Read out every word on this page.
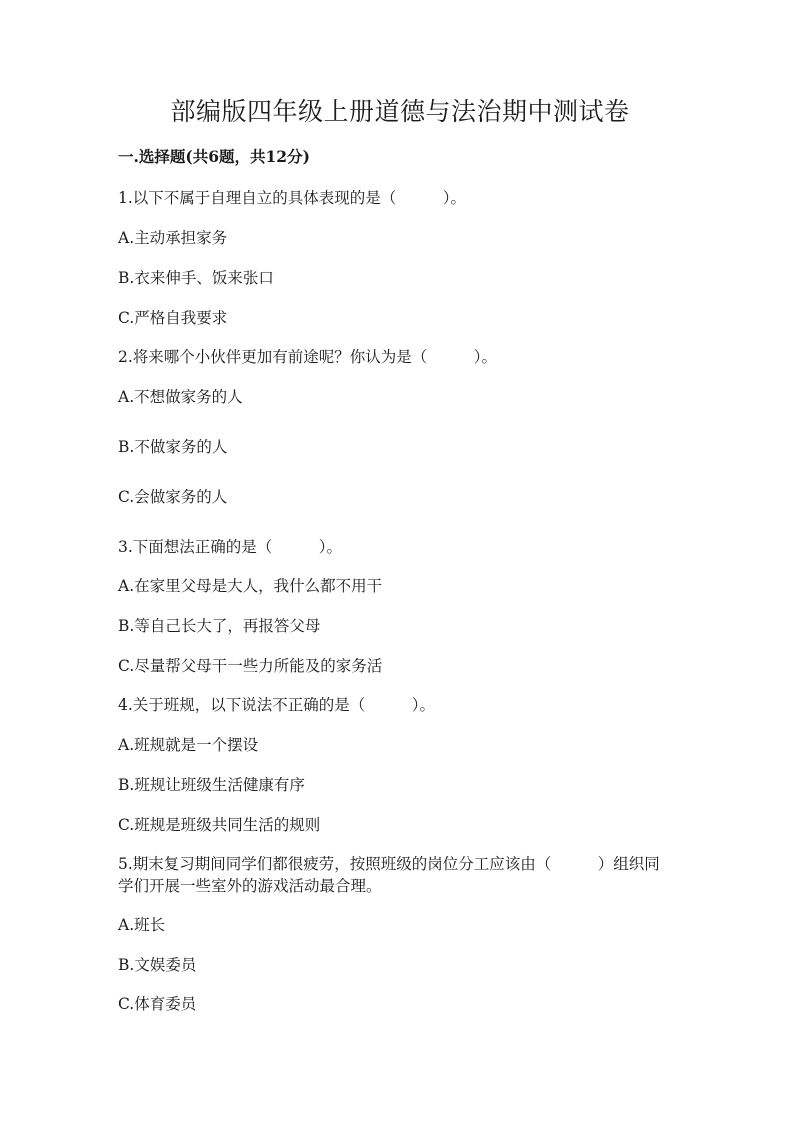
部编版四年级上册道德与法治期中测试卷

一.选择题(共6题，共12分)

1.以下不属于自理自立的具体表现的是（　　　）。

A.主动承担家务

B.衣来伸手、饭来张口

C.严格自我要求

2.将来哪个小伙伴更加有前途呢？你认为是（　　　）。

A.不想做家务的人

B.不做家务的人

C.会做家务的人

3.下面想法正确的是（　　　）。

A.在家里父母是大人，我什么都不用干

B.等自己长大了，再报答父母

C.尽量帮父母干一些力所能及的家务活

4.关于班规，以下说法不正确的是（　　　）。

A.班规就是一个摆设

B.班规让班级生活健康有序

C.班规是班级共同生活的规则

5.期末复习期间同学们都很疲劳，按照班级的岗位分工应该由（　　　）组织同

学们开展一些室外的游戏活动最合理。

A.班长

B.文娱委员

C.体育委员
